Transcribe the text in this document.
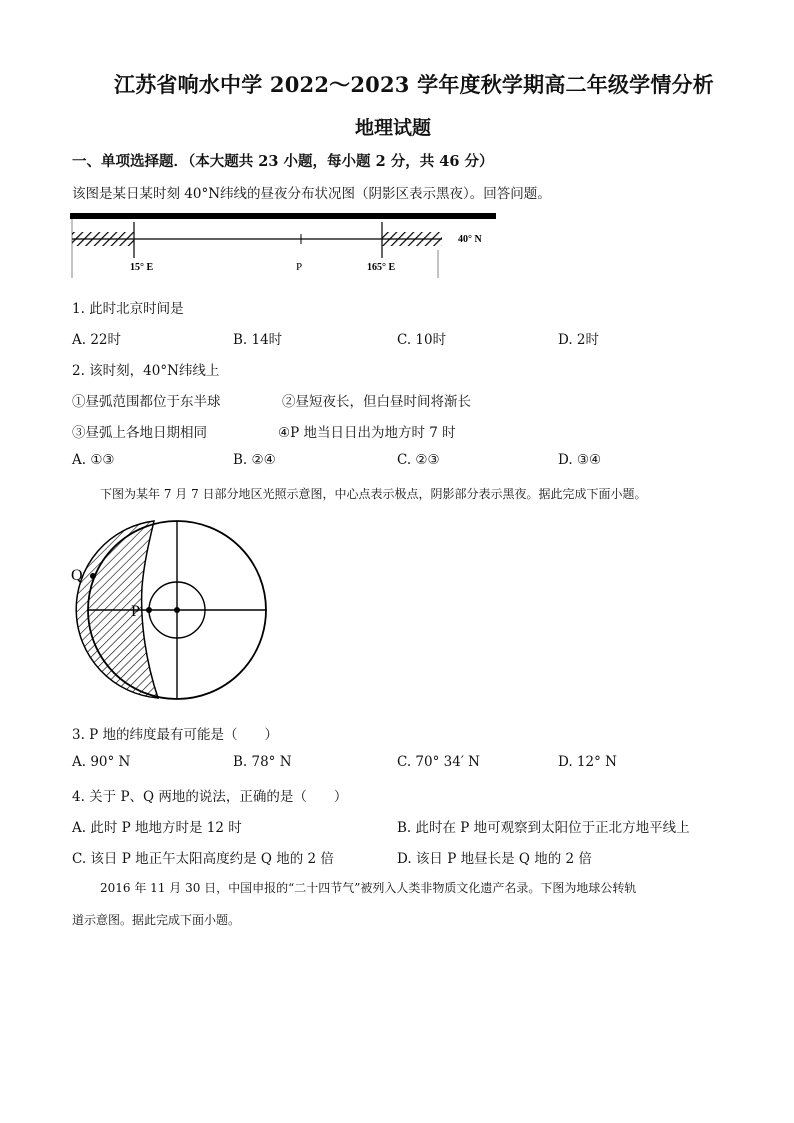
江苏省响水中学 2022～2023 学年度秋学期高二年级学情分析
地理试题
一、单项选择题．（本大题共 23 小题，每小题 2 分，共 46 分）
该图是某日某时刻 40°N纬线的昼夜分布状况图（阴影区表示黑夜）。回答问题。
40° N
15° E	P	165° E
1. 此时北京时间是
A. 22时	B. 14时	C. 10时	D. 2时
2. 该时刻，40°N纬线上
①昼弧范围都位于东半球	②昼短夜长，但白昼时间将渐长
③昼弧上各地日期相同	④P 地当日日出为地方时 7 时
A. ①③	B. ②④	C. ②③	D. ③④
下图为某年 7 月 7 日部分地区光照示意图，中心点表示极点，阴影部分表示黑夜。据此完成下面小题。
Q
P
3. P 地的纬度最有可能是（　　）
A. 90° N	B. 78° N	C. 70° 34′ N	D. 12° N
4. 关于 P、Q 两地的说法，正确的是（　　）
A. 此时 P 地地方时是 12 时	B. 此时在 P 地可观察到太阳位于正北方地平线上
C. 该日 P 地正午太阳高度约是 Q 地的 2 倍	D. 该日 P 地昼长是 Q 地的 2 倍
2016 年 11 月 30 日，中国申报的“二十四节气”被列入人类非物质文化遗产名录。下图为地球公转轨
道示意图。据此完成下面小题。
